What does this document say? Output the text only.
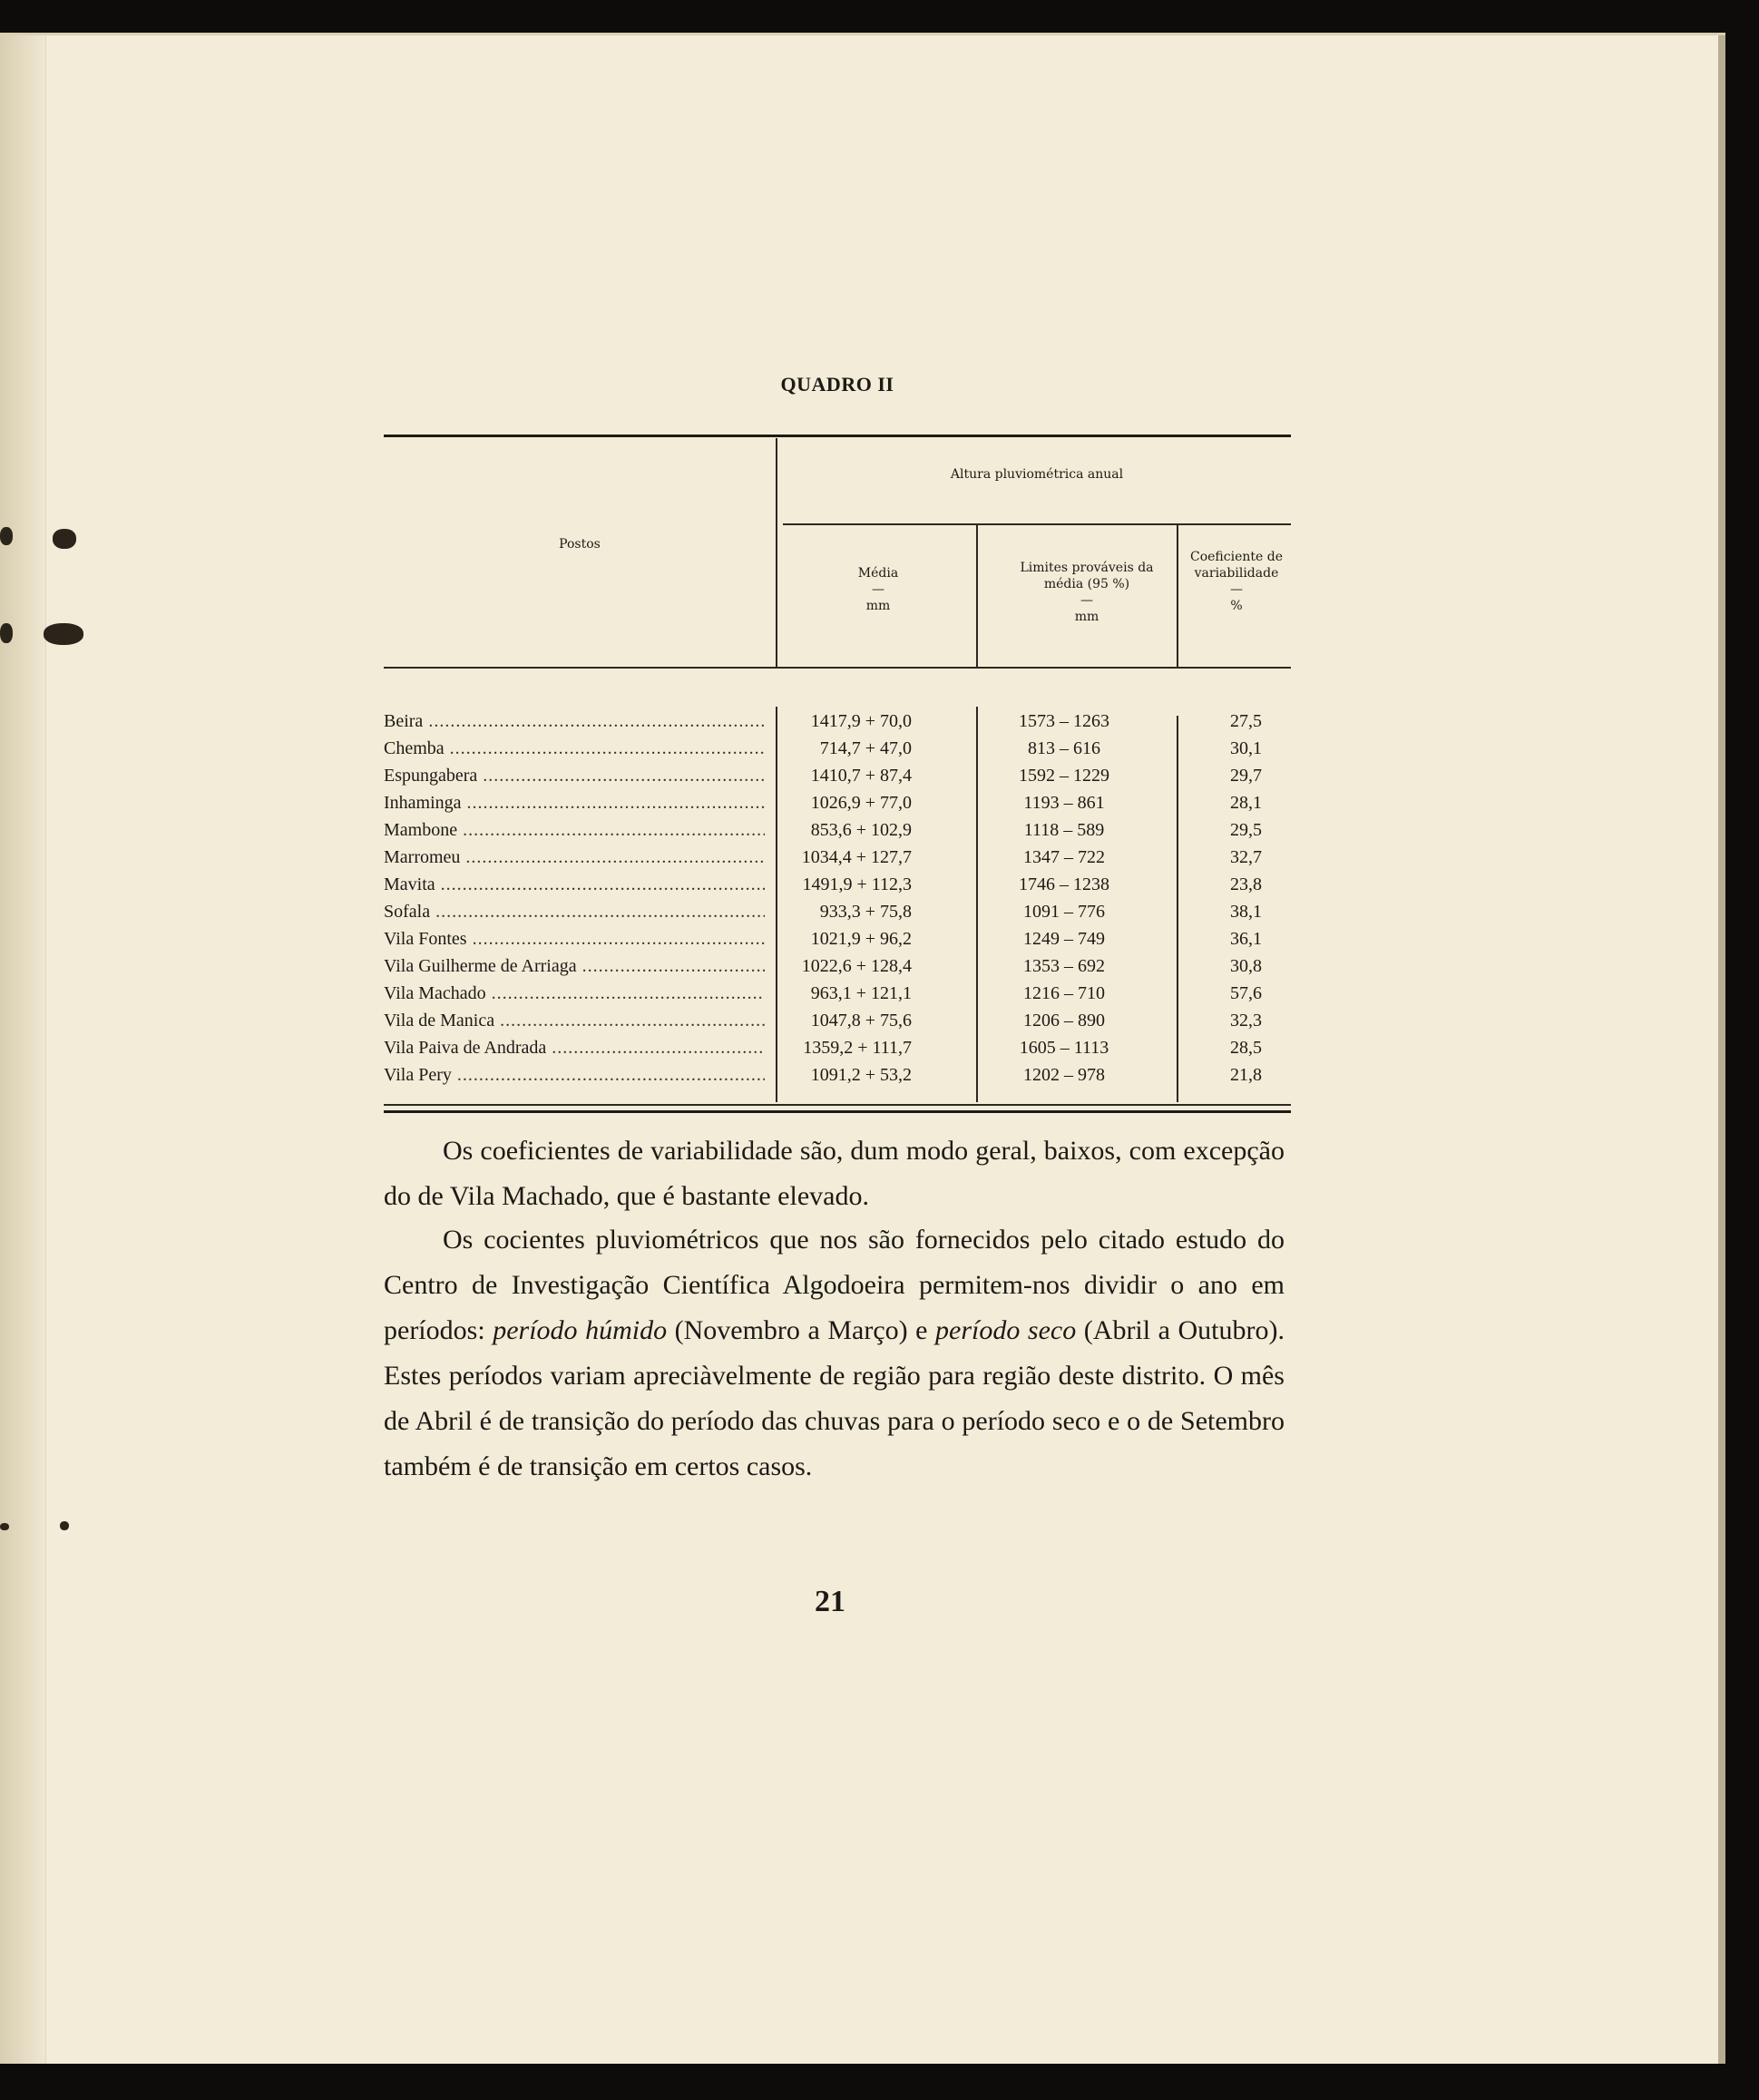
QUADRO II
Altura pluviométrica anual
Postos
Média
—
mm
Limites prováveis da média (95 %)
—
mm
Coeficiente de variabilidade
—
%
Beira .....	1417,9 + 70,0	1573 – 1263	27,5
Chemba .....	714,7 + 47,0	813 – 616	30,1
Espungabera .....	1410,7 + 87,4	1592 – 1229	29,7
Inhaminga .....	1026,9 + 77,0	1193 – 861	28,1
Mambone .....	853,6 + 102,9	1118 – 589	29,5
Marromeu .....	1034,4 + 127,7	1347 – 722	32,7
Mavita .....	1491,9 + 112,3	1746 – 1238	23,8
Sofala .....	933,3 + 75,8	1091 – 776	38,1
Vila Fontes .....	1021,9 + 96,2	1249 – 749	36,1
Vila Guilherme de Arriaga .....	1022,6 + 128,4	1353 – 692	30,8
Vila Machado .....	963,1 + 121,1	1216 – 710	57,6
Vila de Manica .....	1047,8 + 75,6	1206 – 890	32,3
Vila Paiva de Andrada .....	1359,2 + 111,7	1605 – 1113	28,5
Vila Pery .....	1091,2 + 53,2	1202 – 978	21,8

Os coeficientes de variabilidade são, dum modo geral, baixos, com excepção do de Vila Machado, que é bastante elevado.

Os cocientes pluviométricos que nos são fornecidos pelo citado estudo do Centro de Investigação Científica Algodoeira permitem-nos dividir o ano em períodos: período húmido (Novembro a Março) e período seco (Abril a Outubro). Estes períodos variam apreciàvelmente de região para região deste distrito. O mês de Abril é de transição do período das chuvas para o período seco e o de Setembro também é de transição em certos casos.

21
